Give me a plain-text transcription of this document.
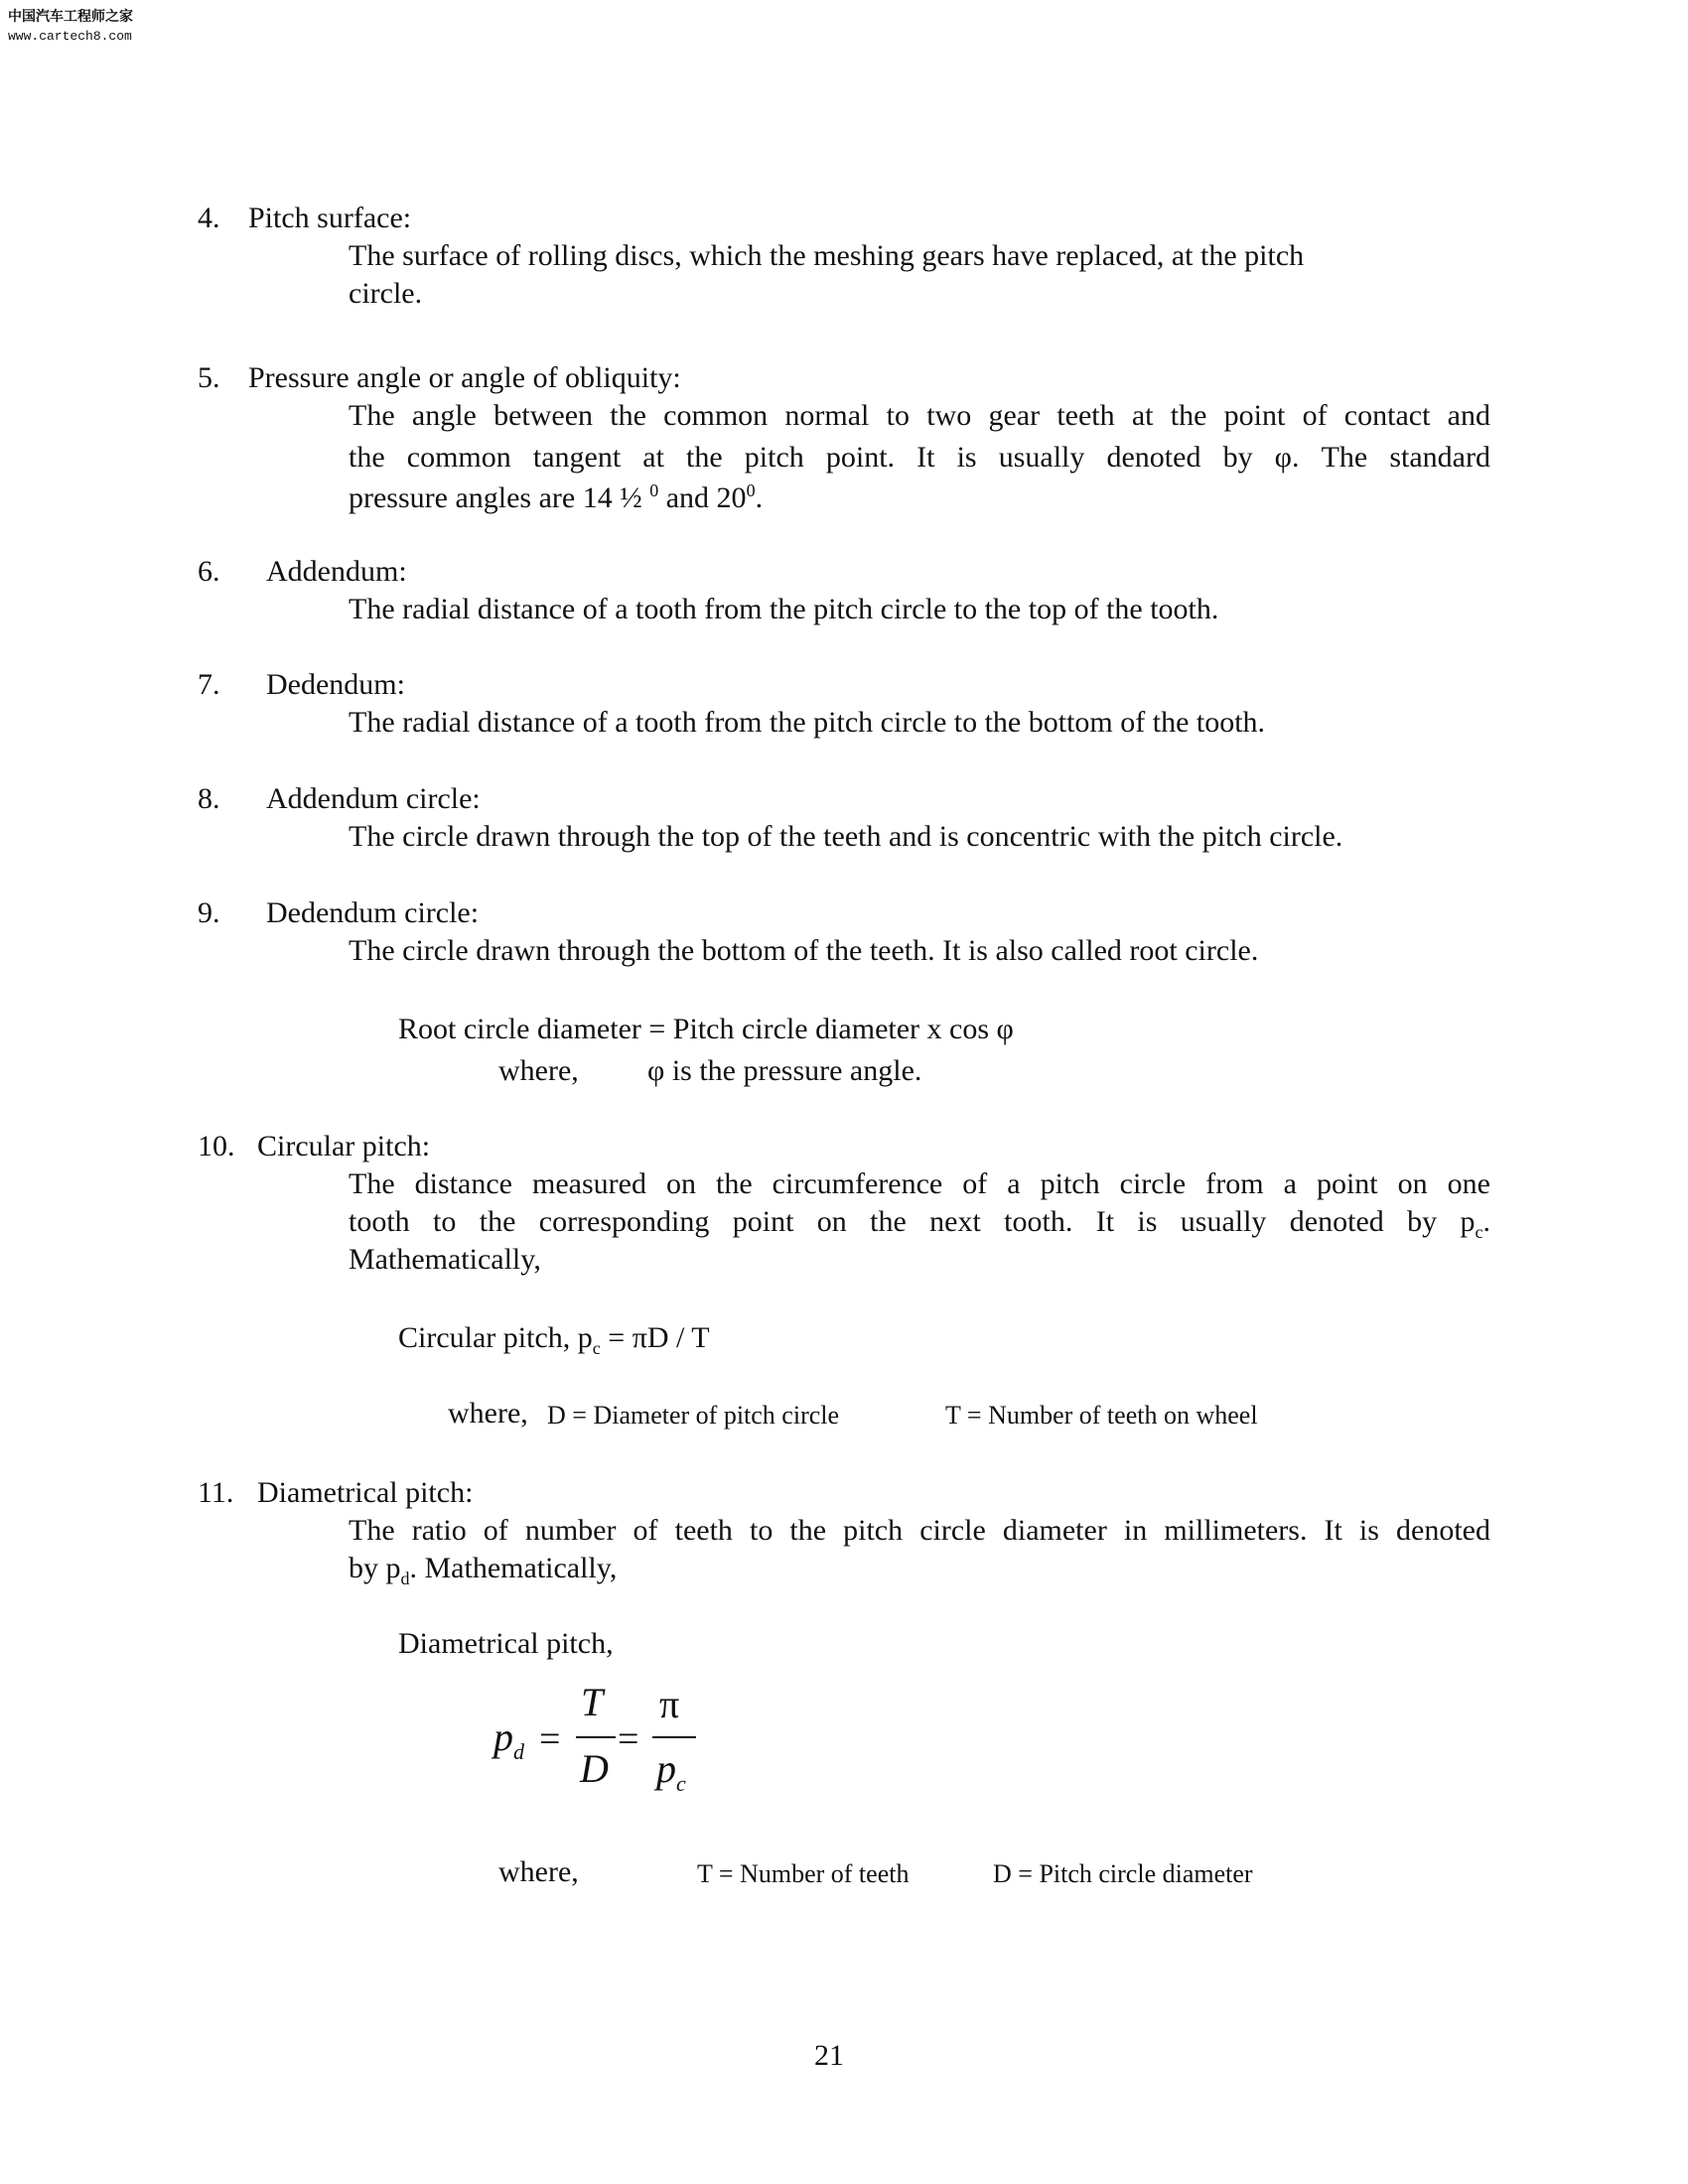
中国汽车工程师之家
www.cartech8.com
4. Pitch surface:
The surface of rolling discs, which the meshing gears have replaced, at the pitch
circle.
5. Pressure angle or angle of obliquity:
The angle between the common normal to two gear teeth at the point of contact and
the common tangent at the pitch point. It is usually denoted by φ. The standard
pressure angles are 14 ½ $^0$ and $20^0$.
6. Addendum:
The radial distance of a tooth from the pitch circle to the top of the tooth.
7. Dedendum:
The radial distance of a tooth from the pitch circle to the bottom of the tooth.
8. Addendum circle:
The circle drawn through the top of the teeth and is concentric with the pitch circle.
9. Dedendum circle:
The circle drawn through the bottom of the teeth. It is also called root circle.
Root circle diameter = Pitch circle diameter x cos φ
where, φ is the pressure angle.
10. Circular pitch:
The distance measured on the circumference of a pitch circle from a point on one
tooth to the corresponding point on the next tooth. It is usually denoted by $p_c$.
Mathematically,
Circular pitch, $p_c = \pi D / T$
where, D = Diameter of pitch circle	T = Number of teeth on wheel
11. Diametrical pitch:
The ratio of number of teeth to the pitch circle diameter in millimeters. It is denoted
by $p_d$. Mathematically,
Diametrical pitch,
$p_d$ =
T
D
=
π
$p_c$
where,	T = Number of teeth	D = Pitch circle diameter
21
